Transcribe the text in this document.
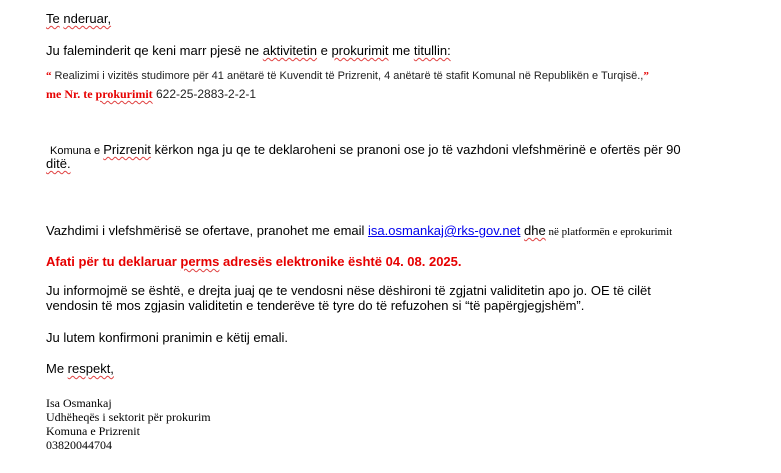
Te nderuar,
Ju faleminderit qe keni marr pjesë ne aktivitetin e prokurimit me titullin:
“ Realizimi i vizitës studimore për 41 anëtarë të Kuvendit të Prizrenit, 4 anëtarë të stafit Komunal në Republikën e Turqisë.,”
me Nr. te prokurimit 622-25-2883-2-2-1
Komuna e Prizrenit kërkon nga ju qe te deklaroheni se pranoni ose jo të vazhdoni vlefshmërinë e ofertës për 90
ditë.
Vazhdimi i vlefshmërisë se ofertave, pranohet me email isa.osmankaj@rks-gov.net dhe në platformën e eprokurimit
Afati për tu deklaruar perms adresës elektronike është 04. 08. 2025.
Ju informojmë se është, e drejta juaj qe te vendosni nëse dëshironi të zgjatni validitetin apo jo. OE të cilët
vendosin të mos zgjasin validitetin e tenderëve të tyre do të refuzohen si “të papërgjegjshëm”.
Ju lutem konfirmoni pranimin e këtij emali.
Me respekt,
Isa Osmankaj
Udhëheqës i sektorit për prokurim
Komuna e Prizrenit
03820044704
